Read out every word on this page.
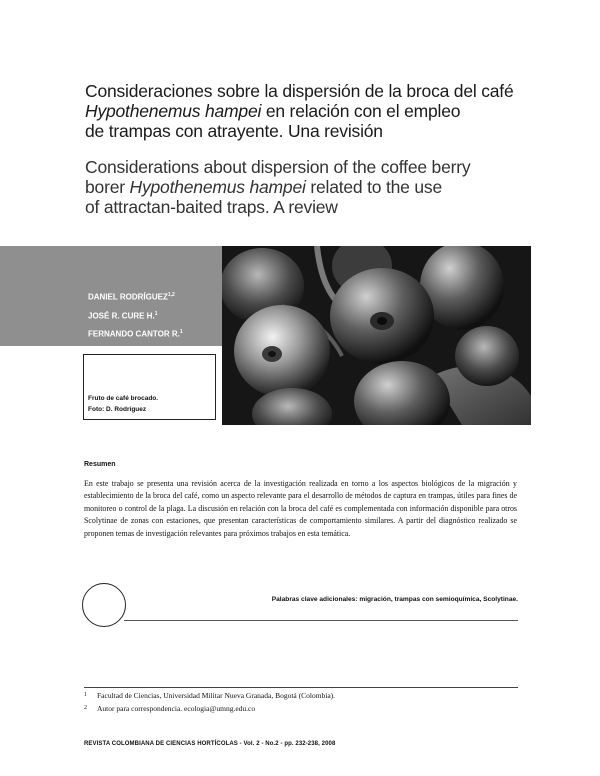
Consideraciones sobre la dispersión de la broca del café
Hypothenemus hampei en relación con el empleo
de trampas con atrayente. Una revisión
Considerations about dispersion of the coffee berry
borer Hypothenemus hampei related to the use
of attractan-baited traps. A review
DANIEL RODRÍGUEZ$^{1,2}$
JOSÉ R. CURE H.$^1$
FERNANDO CANTOR R.$^1$
Fruto de café brocado.
Foto: D. Rodríguez
Resumen

En este trabajo se presenta una revisión acerca de la investigación realizada en torno a los aspectos biológicos de la migración y establecimiento de la broca del café, como un aspecto relevante para el desarrollo de métodos de captura en trampas, útiles para fines de monitoreo o control de la plaga. La discusión en relación con la broca del café es complementada con información disponible para otros Scolytinae de zonas con estaciones, que presentan características de comportamiento similares. A partir del diagnóstico realizado se proponen temas de investigación relevantes para próximos trabajos en esta temática.

Palabras clave adicionales: migración, trampas con semioquímica, Scolytinae.
1 Facultad de Ciencias, Universidad Militar Nueva Granada, Bogotá (Colombia).
2 Autor para correspondencia. ecologia@umng.edu.co
REVISTA COLOMBIANA DE CIENCIAS HORTÍCOLAS - Vol. 2 - No.2 - pp. 232-238, 2008
